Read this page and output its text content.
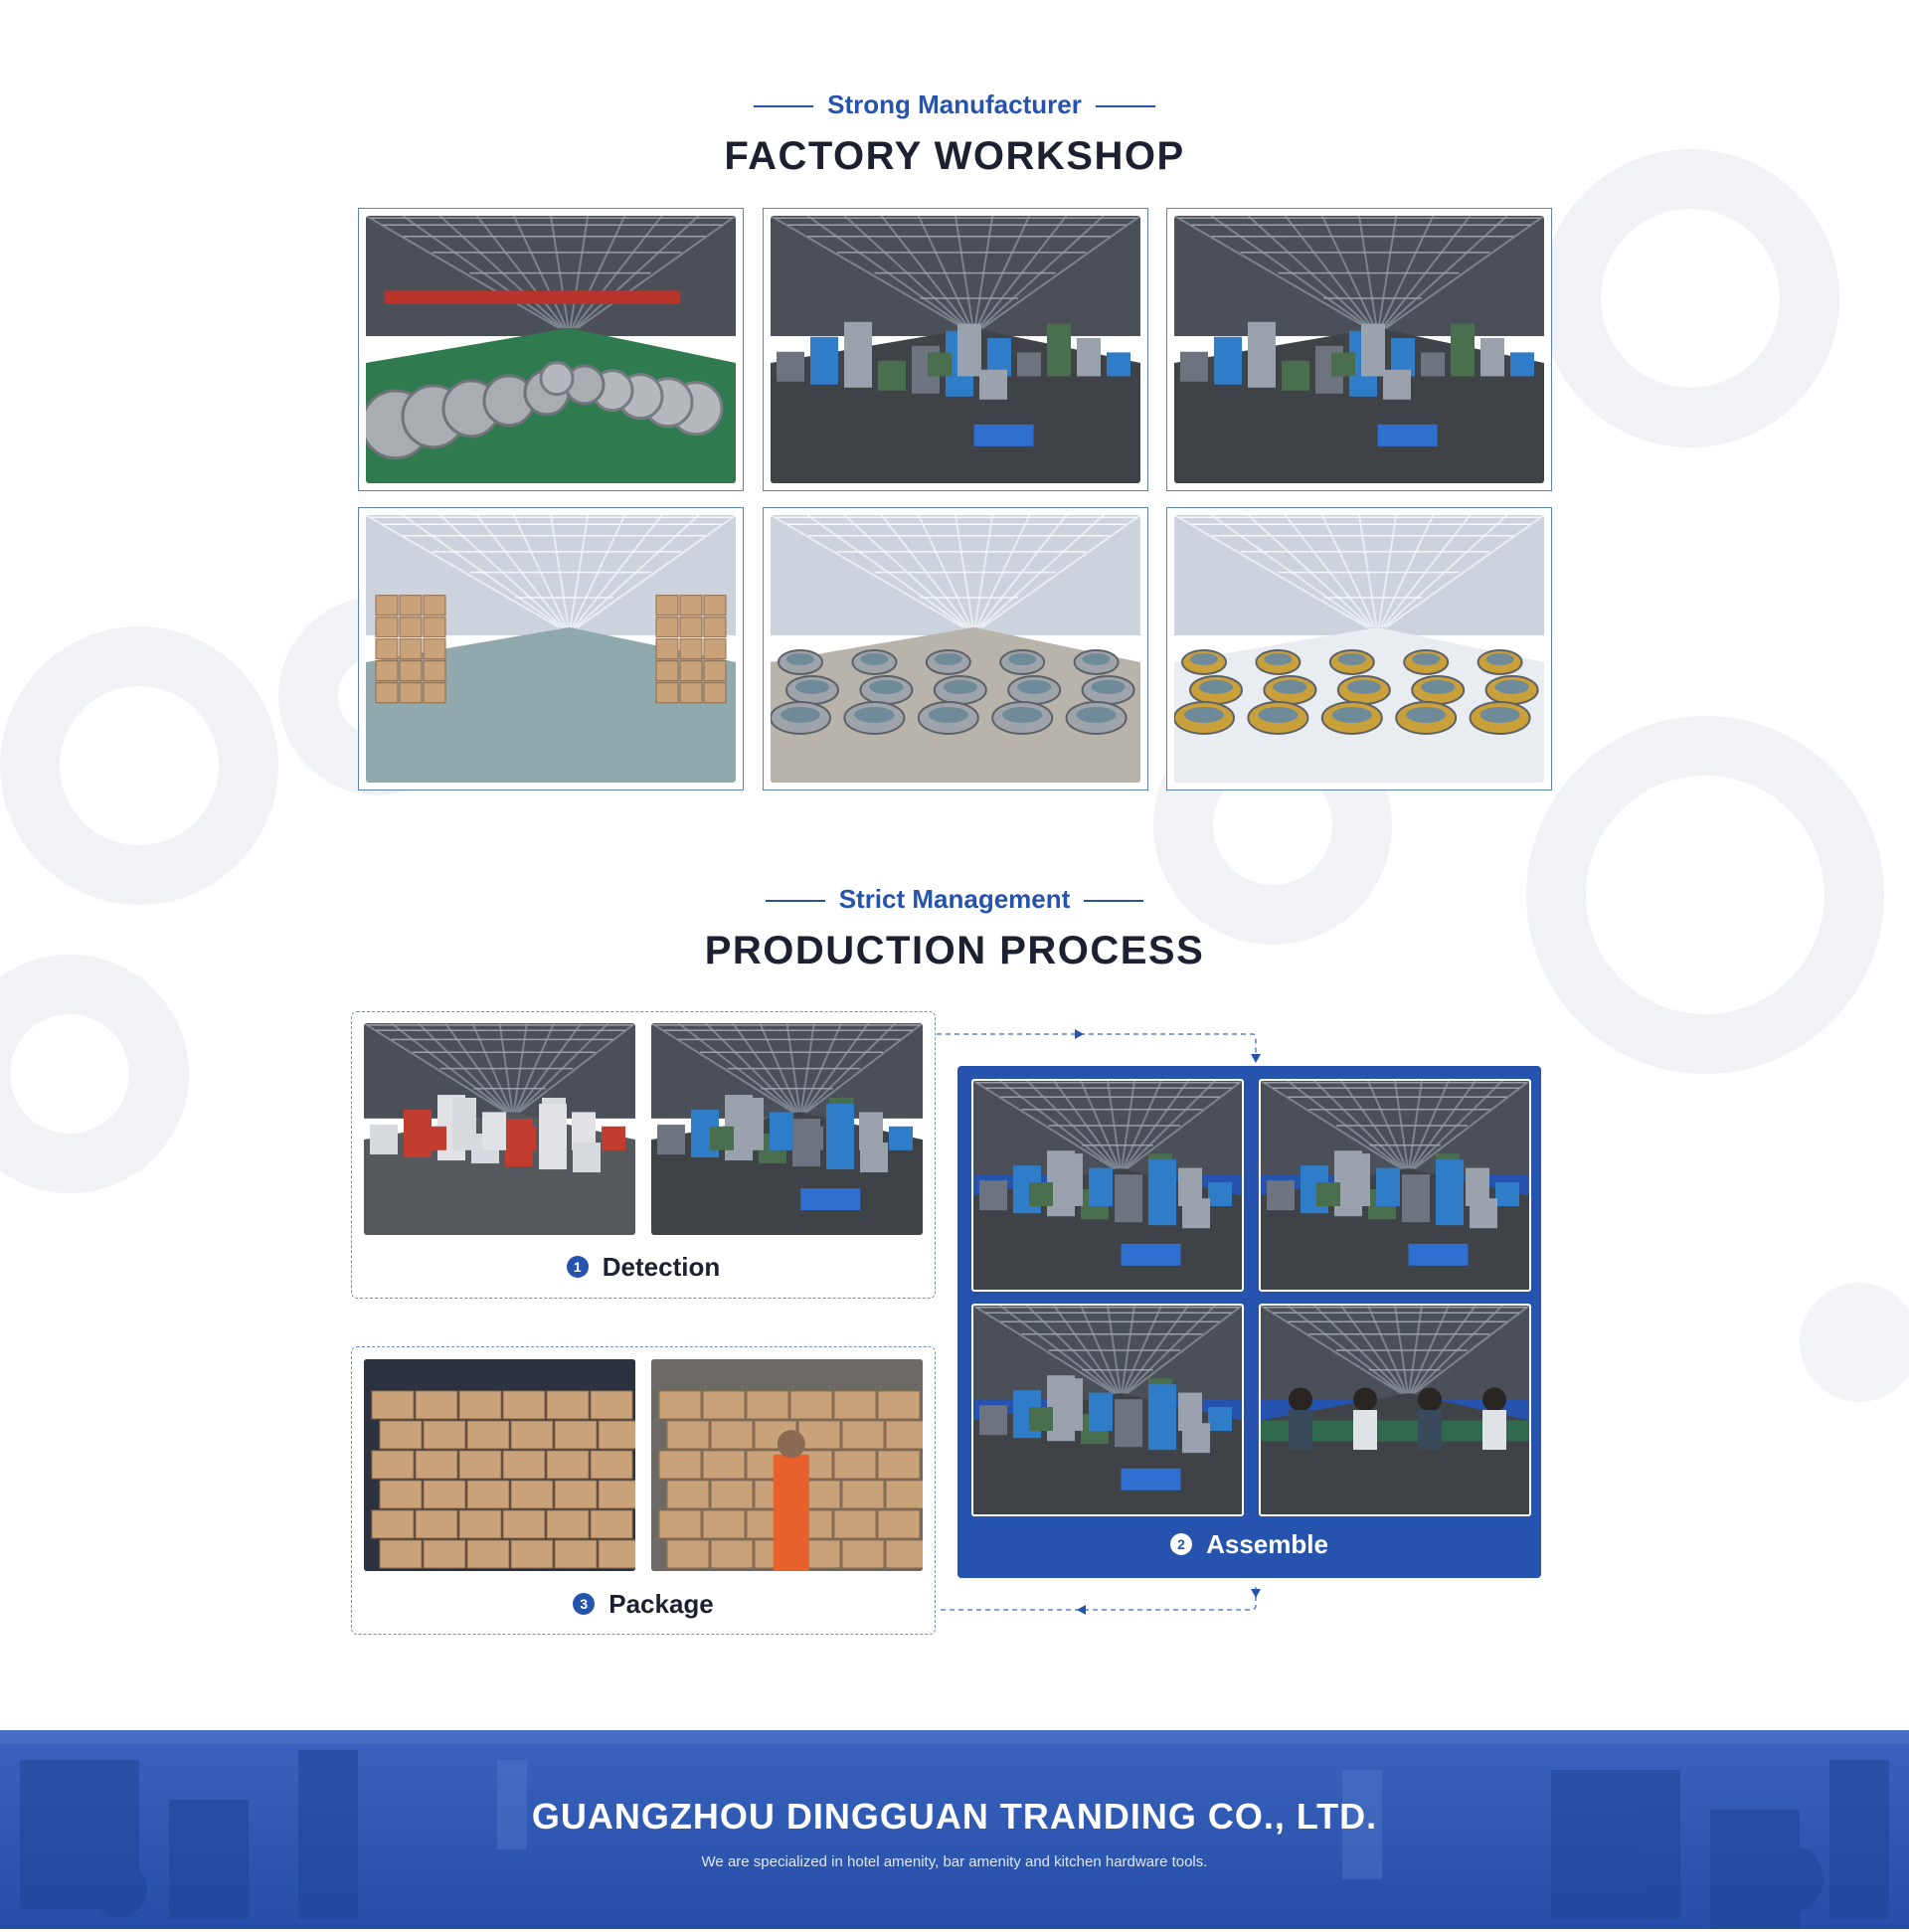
Strong Manufacturer
FACTORY WORKSHOP
Strict Management
PRODUCTION PROCESS
1 Detection
3 Package
2 Assemble
GUANGZHOU DINGGUAN TRANDING CO., LTD.
We are specialized in hotel amenity, bar amenity and kitchen hardware tools.
